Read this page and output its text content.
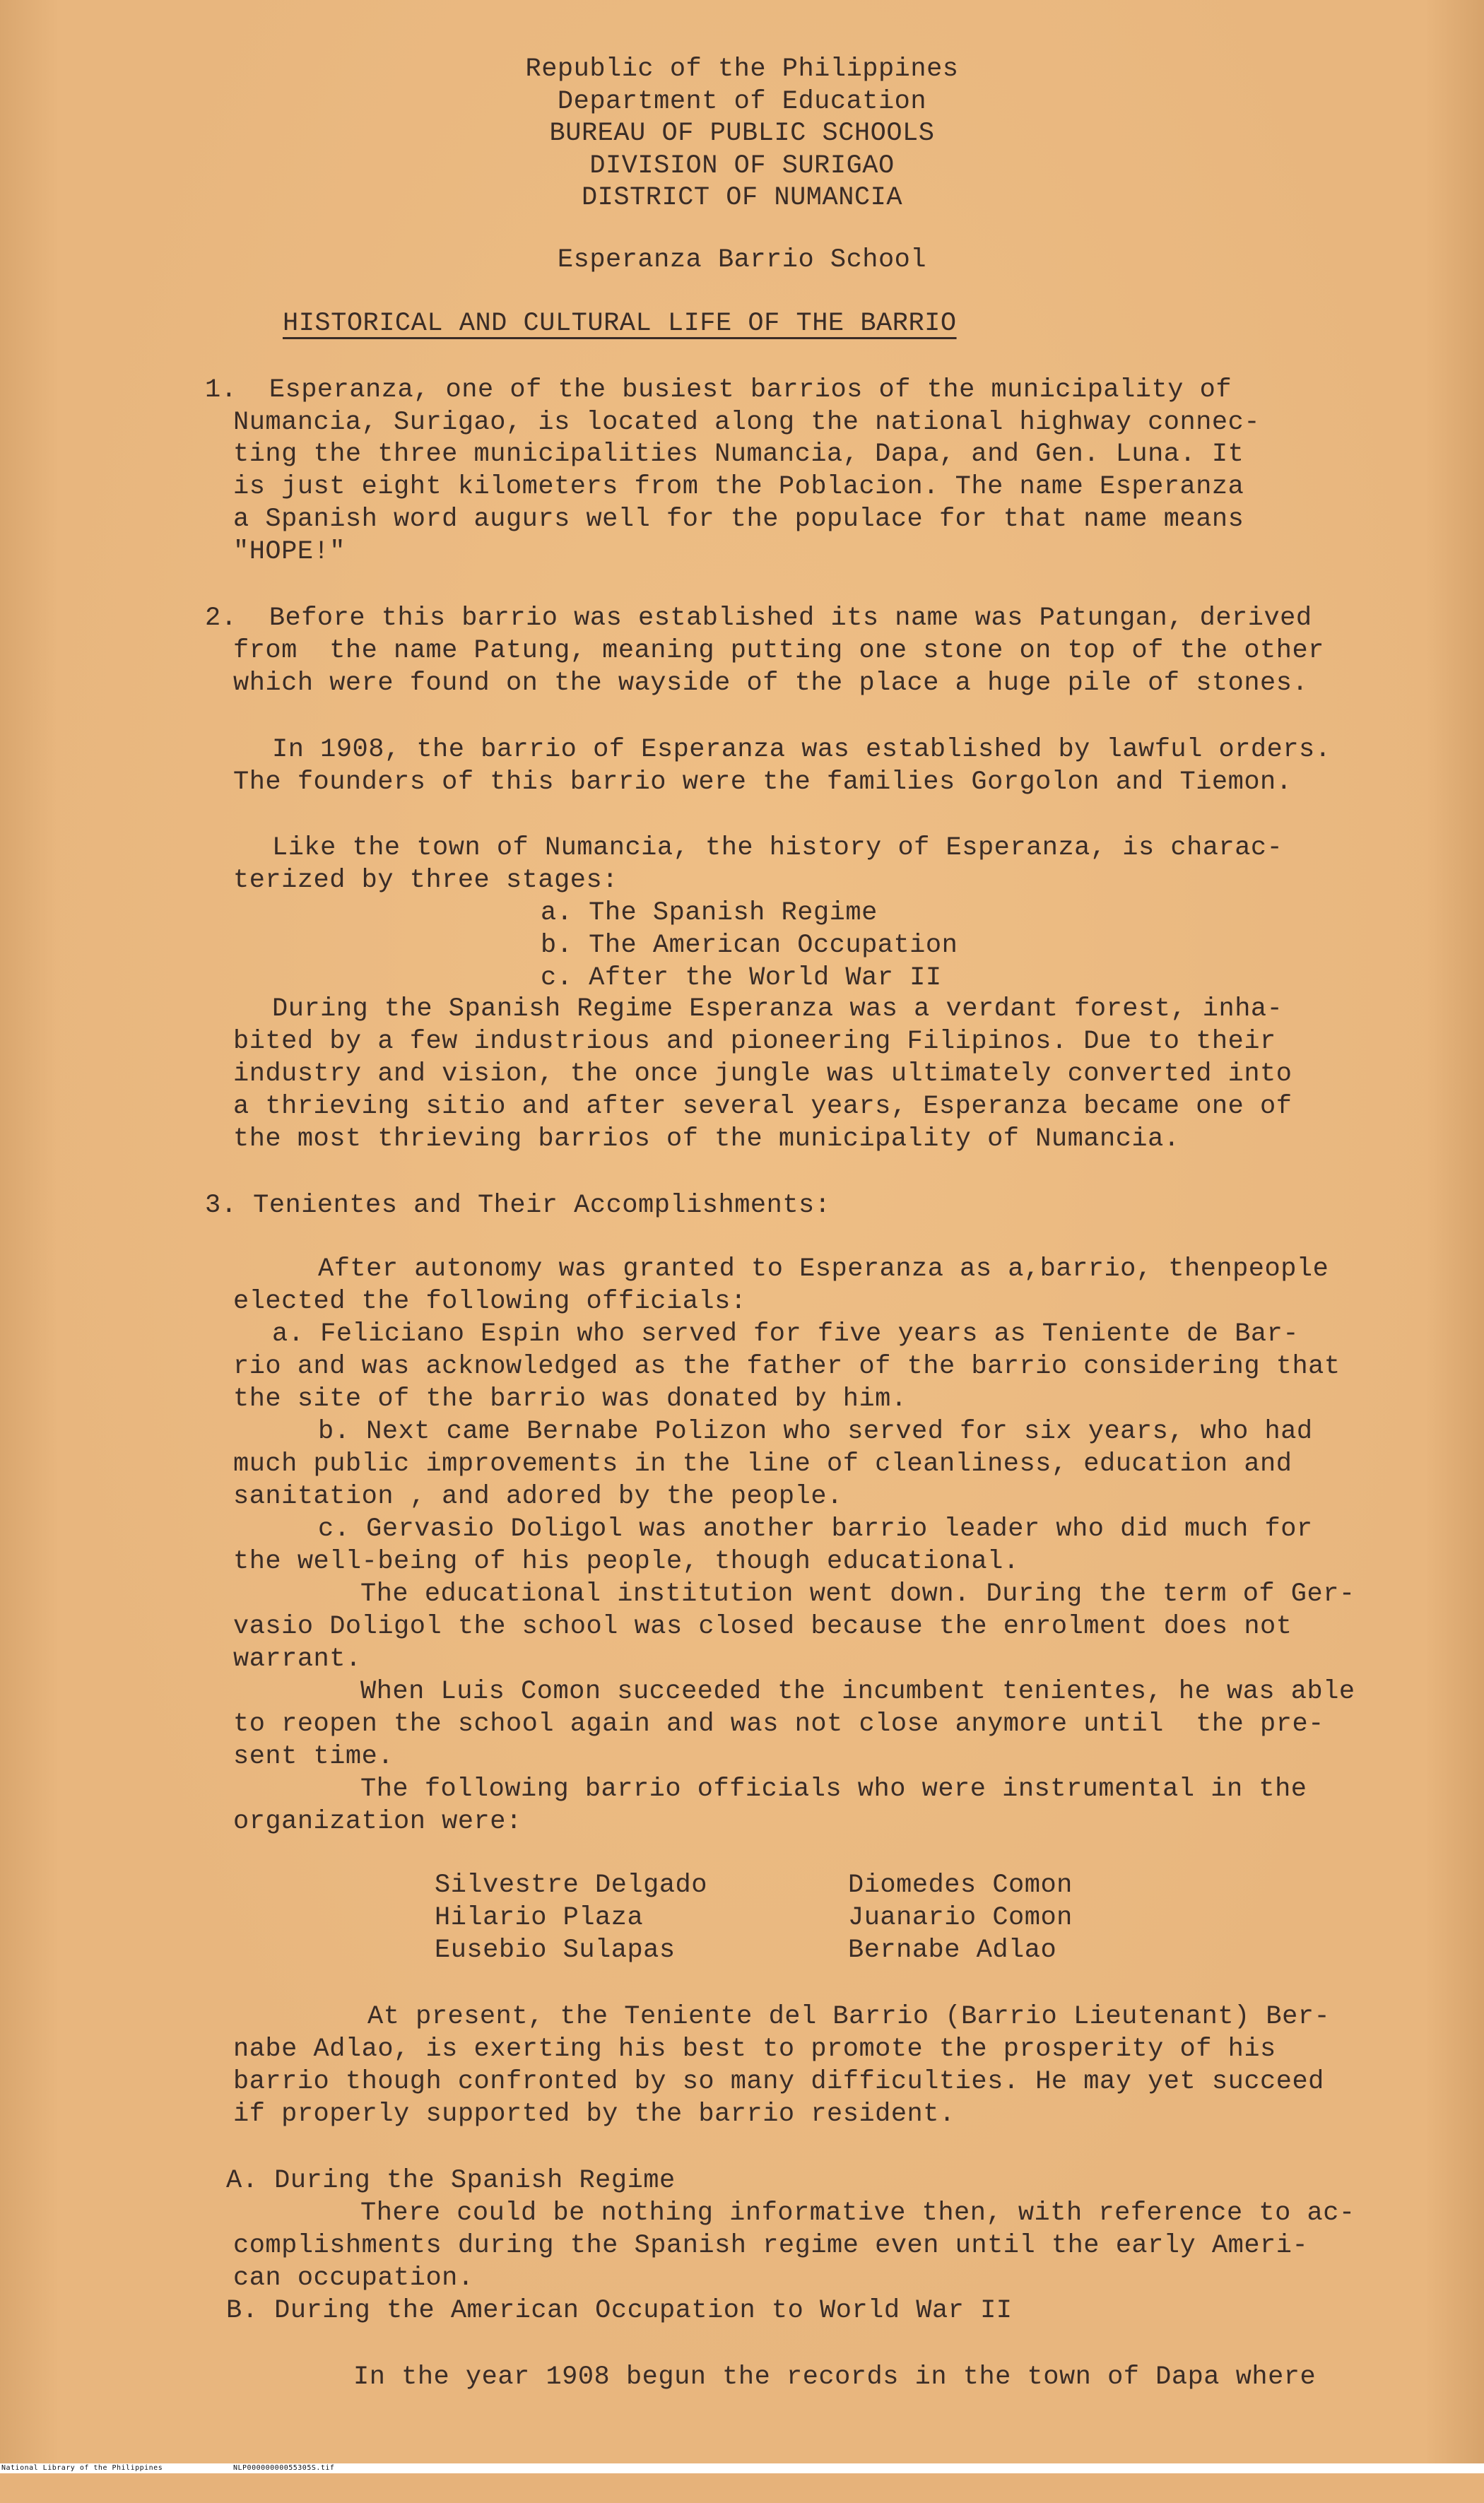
Republic of the Philippines
Department of Education
BUREAU OF PUBLIC SCHOOLS
DIVISION OF SURIGAO
DISTRICT OF NUMANCIA
Esperanza Barrio School
HISTORICAL AND CULTURAL LIFE OF THE BARRIO
1.  Esperanza, one of the busiest barrios of the municipality of
Numancia, Surigao, is located along the national highway connec-
ting the three municipalities Numancia, Dapa, and Gen. Luna. It
is just eight kilometers from the Poblacion. The name Esperanza
a Spanish word augurs well for the populace for that name means
"HOPE!"
2.  Before this barrio was established its name was Patungan, derived
from  the name Patung, meaning putting one stone on top of the other
which were found on the wayside of the place a huge pile of stones.
In 1908, the barrio of Esperanza was established by lawful orders.
The founders of this barrio were the families Gorgolon and Tiemon.
Like the town of Numancia, the history of Esperanza, is charac-
terized by three stages:
a. The Spanish Regime
b. The American Occupation
c. After the World War II
During the Spanish Regime Esperanza was a verdant forest, inha-
bited by a few industrious and pioneering Filipinos. Due to their
industry and vision, the once jungle was ultimately converted into
a thrieving sitio and after several years, Esperanza became one of
the most thrieving barrios of the municipality of Numancia.
3. Tenientes and Their Accomplishments:
After autonomy was granted to Esperanza as a,barrio, thenpeople
elected the following officials:
a. Feliciano Espin who served for five years as Teniente de Bar-
rio and was acknowledged as the father of the barrio considering that
the site of the barrio was donated by him.
b. Next came Bernabe Polizon who served for six years, who had
much public improvements in the line of cleanliness, education and
sanitation , and adored by the people.
c. Gervasio Doligol was another barrio leader who did much for
the well-being of his people, though educational.
The educational institution went down. During the term of Ger-
vasio Doligol the school was closed because the enrolment does not
warrant.
When Luis Comon succeeded the incumbent tenientes, he was able
to reopen the school again and was not close anymore until  the pre-
sent time.
The following barrio officials who were instrumental in the
organization were:
Silvestre Delgado
Hilario Plaza
Eusebio Sulapas
Diomedes Comon
Juanario Comon
Bernabe Adlao
At present, the Teniente del Barrio (Barrio Lieutenant) Ber-
nabe Adlao, is exerting his best to promote the prosperity of his
barrio though confronted by so many difficulties. He may yet succeed
if properly supported by the barrio resident.
A. During the Spanish Regime
There could be nothing informative then, with reference to ac-
complishments during the Spanish regime even until the early Ameri-
can occupation.
B. During the American Occupation to World War II
In the year 1908 begun the records in the town of Dapa where

National Library of the Philippines

	NLP00000000055305S.tif
